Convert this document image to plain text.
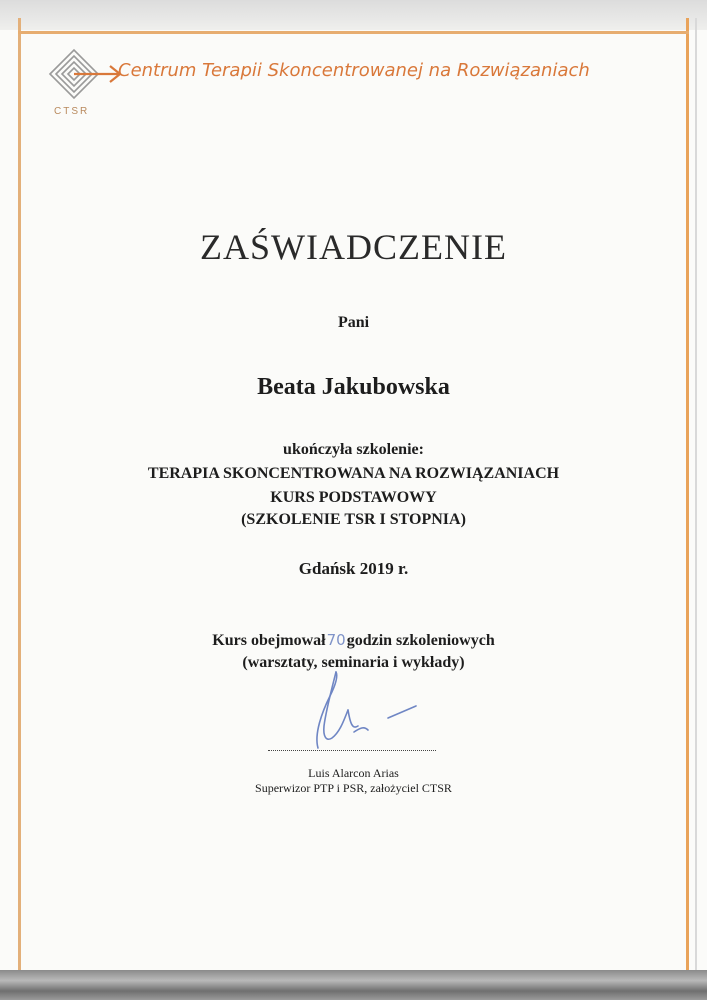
CTSR
Centrum Terapii Skoncentrowanej na Rozwiązaniach
ZAŚWIADCZENIE
Pani
Beata Jakubowska
ukończyła szkolenie:
TERAPIA SKONCENTROWANA NA ROZWIĄZANIACH
KURS PODSTAWOWY
(SZKOLENIE TSR I STOPNIA)
Gdańsk 2019 r.
Kurs obejmował70godzin szkoleniowych
(warsztaty, seminaria i wykłady)
Luis Alarcon Arias
Superwizor PTP i PSR, założyciel CTSR
